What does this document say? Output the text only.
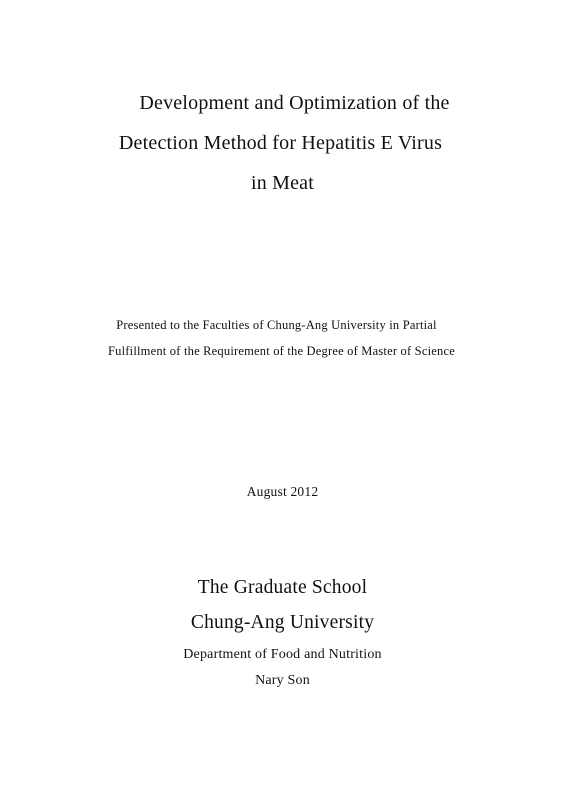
Development and Optimization of the
Detection Method for Hepatitis E Virus
in Meat
Presented to the Faculties of Chung-Ang University in Partial
Fulfillment of the Requirement of the Degree of Master of Science
August 2012
The Graduate School
Chung-Ang University
Department of Food and Nutrition
Nary Son
